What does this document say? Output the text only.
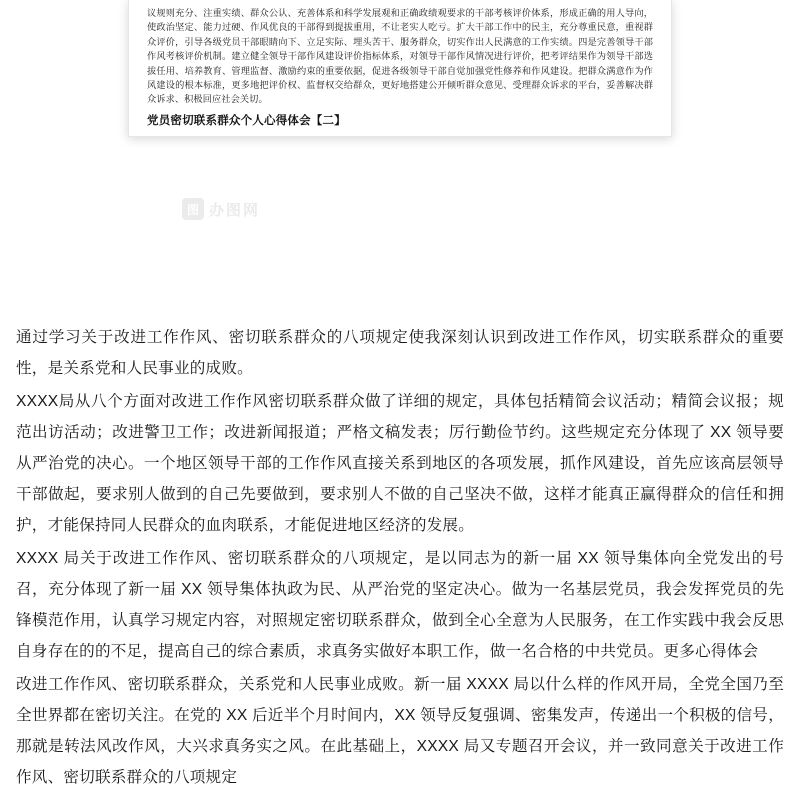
议规则充分、注重实绩、群众公认、充善体系和科学发展观和正确政绩观要求的干部考核评价体系，形成正确的用人导向，使政治坚定、能力过硬、作风优良的干部得到提拔重用，不让老实人吃亏。扩大干部工作中的民主，充分尊重民意，重视群众评价，引导各级党员干部眼睛向下、立足实际、埋头苦干、服务群众，切实作出人民满意的工作实绩。四是完善领导干部作风考核评价机制。建立健全领导干部作风建设评价指标体系，对领导干部作风情况进行评价，把考评结果作为领导干部选拔任用、培养教育、管理监督、激励约束的重要依据，促进各级领导干部自觉加强党性修养和作风建设。把群众满意作为作风建设的根本标准，更多地把评价权、监督权交给群众，更好地搭建公开倾听群众意见、受理群众诉求的平台，妥善解决群众诉求、积极回应社会关切。

党员密切联系群众个人心得体会【二】
图 办图网

通过学习关于改进工作作风、密切联系群众的八项规定使我深刻认识到改进工作作风，切实联系群众的重要性，是关系党和人民事业的成败。

XXXX局从八个方面对改进工作作风密切联系群众做了详细的规定，具体包括精简会议活动；精简会议报；规范出访活动；改进警卫工作；改进新闻报道；严格文稿发表；厉行勤俭节约。这些规定充分体现了 XX 领导要从严治党的决心。一个地区领导干部的工作作风直接关系到地区的各项发展，抓作风建设，首先应该高层领导干部做起，要求别人做到的自己先要做到，要求别人不做的自己坚决不做，这样才能真正赢得群众的信任和拥护，才能保持同人民群众的血肉联系，才能促进地区经济的发展。

XXXX 局关于改进工作作风、密切联系群众的八项规定，是以同志为的新一届 XX 领导集体向全党发出的号召，充分体现了新一届 XX 领导集体执政为民、从严治党的坚定决心。做为一名基层党员，我会发挥党员的先锋模范作用，认真学习规定内容，对照规定密切联系群众，做到全心全意为人民服务，在工作实践中我会反思自身存在的的不足，提高自己的综合素质，求真务实做好本职工作，做一名合格的中共党员。更多心得体会

改进工作作风、密切联系群众，关系党和人民事业成败。新一届 XXXX 局以什么样的作风开局，全党全国乃至全世界都在密切关注。在党的 XX 后近半个月时间内，XX 领导反复强调、密集发声，传递出一个积极的信号，那就是转法风改作风，大兴求真务实之风。在此基础上，XXXX 局又专题召开会议，并一致同意关于改进工作作风、密切联系群众的八项规定
